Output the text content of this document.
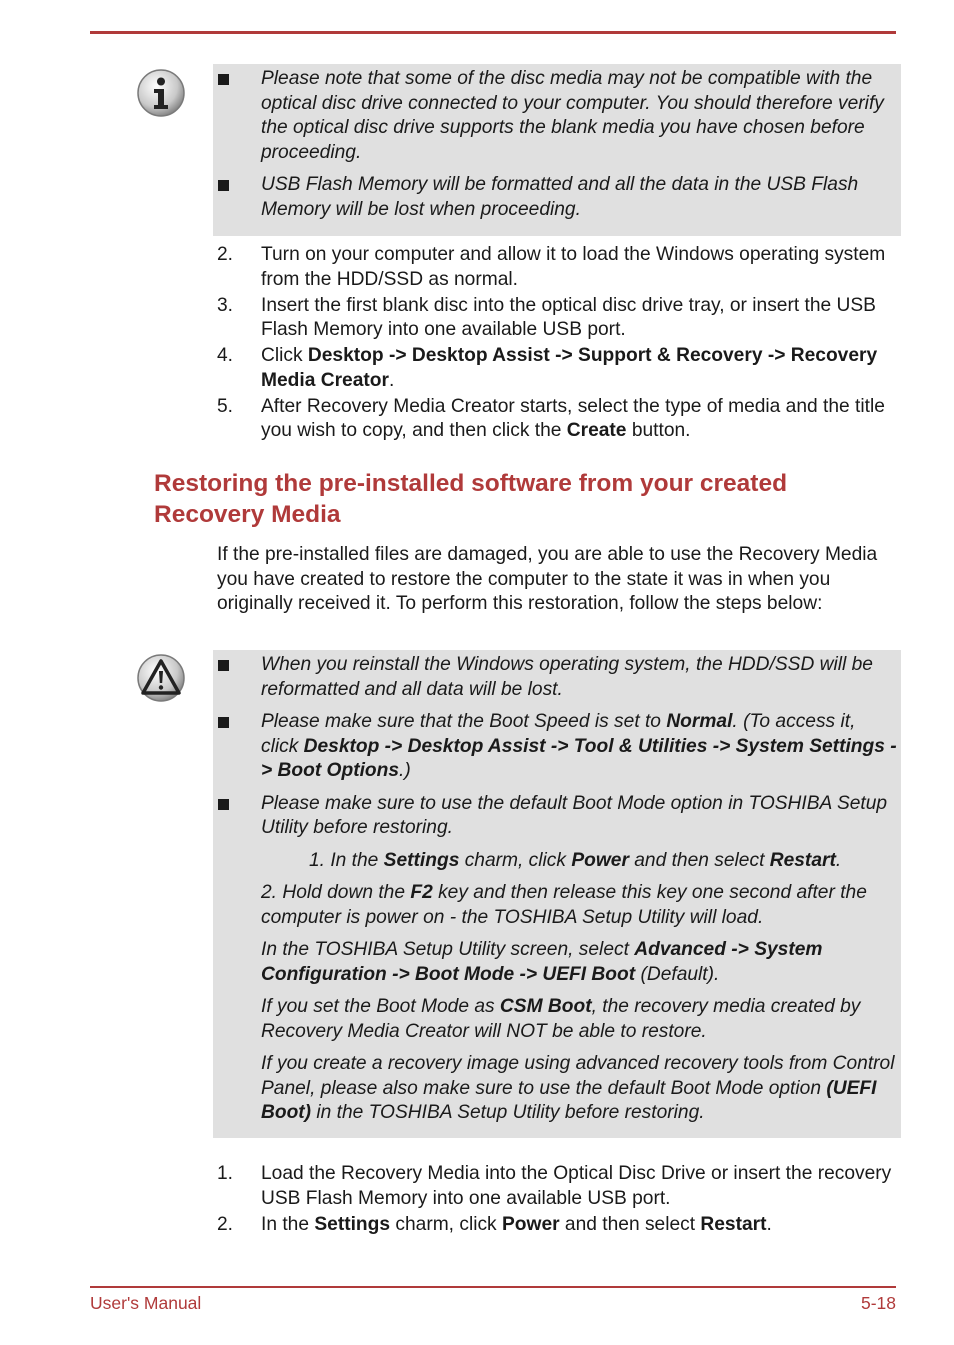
Please note that some of the disc media may not be compatible with the optical disc drive connected to your computer. You should therefore verify the optical disc drive supports the blank media you have chosen before proceeding.
USB Flash Memory will be formatted and all the data in the USB Flash Memory will be lost when proceeding.
2. Turn on your computer and allow it to load the Windows operating system from the HDD/SSD as normal.
3. Insert the first blank disc into the optical disc drive tray, or insert the USB Flash Memory into one available USB port.
4. Click Desktop -> Desktop Assist -> Support & Recovery -> Recovery Media Creator.
5. After Recovery Media Creator starts, select the type of media and the title you wish to copy, and then click the Create button.
Restoring the pre-installed software from your created Recovery Media
If the pre-installed files are damaged, you are able to use the Recovery Media you have created to restore the computer to the state it was in when you originally received it. To perform this restoration, follow the steps below:
When you reinstall the Windows operating system, the HDD/SSD will be reformatted and all data will be lost.
Please make sure that the Boot Speed is set to Normal. (To access it, click Desktop -> Desktop Assist -> Tool & Utilities -> System Settings -> Boot Options.)
Please make sure to use the default Boot Mode option in TOSHIBA Setup Utility before restoring.
1. In the Settings charm, click Power and then select Restart.
2. Hold down the F2 key and then release this key one second after the computer is power on - the TOSHIBA Setup Utility will load.
In the TOSHIBA Setup Utility screen, select Advanced -> System Configuration -> Boot Mode -> UEFI Boot (Default).
If you set the Boot Mode as CSM Boot, the recovery media created by Recovery Media Creator will NOT be able to restore.
If you create a recovery image using advanced recovery tools from Control Panel, please also make sure to use the default Boot Mode option (UEFI Boot) in the TOSHIBA Setup Utility before restoring.
1. Load the Recovery Media into the Optical Disc Drive or insert the recovery USB Flash Memory into one available USB port.
2. In the Settings charm, click Power and then select Restart.
User's Manual	5-18
